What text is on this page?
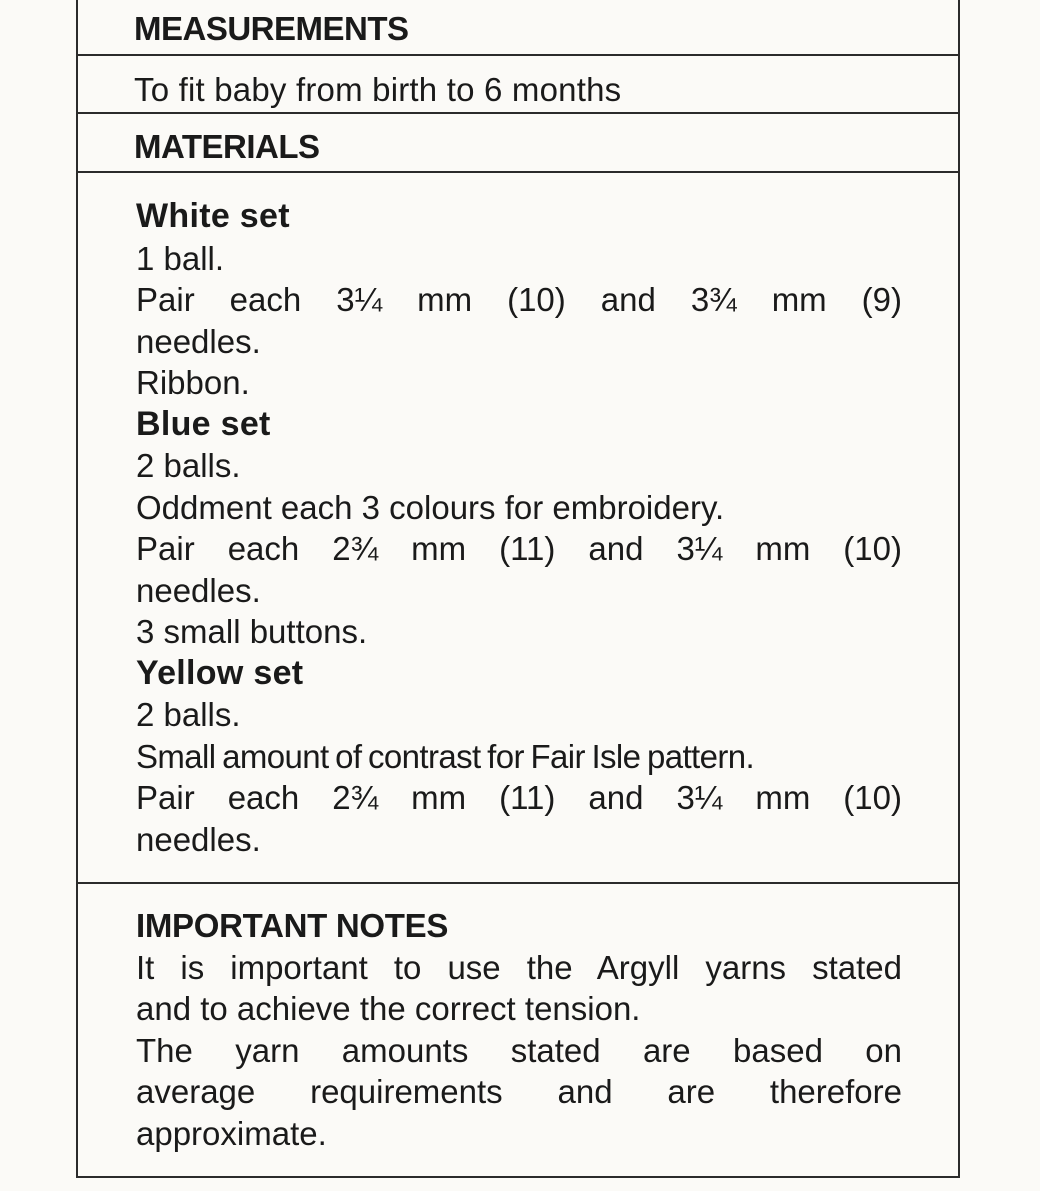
MEASUREMENTS

To fit baby from birth to 6 months

MATERIALS

White set

1 ball.

Pair each 3¼ mm (10) and 3¾ mm (9)

needles.

Ribbon.

Blue set

2 balls.

Oddment each 3 colours for embroidery.

Pair each 2¾ mm (11) and 3¼ mm (10)

needles.

3 small buttons.

Yellow set

2 balls.

Small amount of contrast for Fair Isle pattern.

Pair each 2¾ mm (11) and 3¼ mm (10)

needles.

IMPORTANT NOTES

It is important to use the Argyll yarns stated

and to achieve the correct tension.

The yarn amounts stated are based on

average requirements and are therefore

approximate.
